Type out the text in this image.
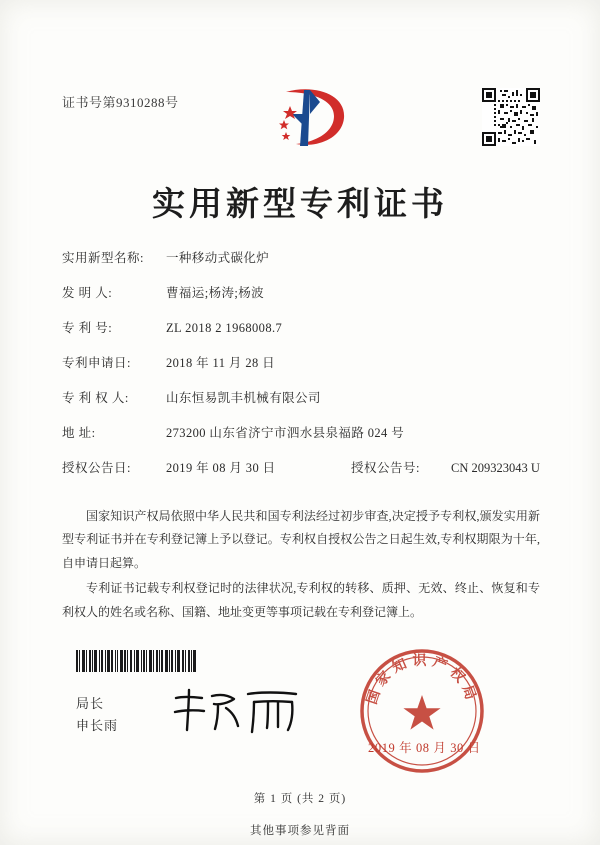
证书号第9310288号
实用新型专利证书
实用新型名称:	一种移动式碳化炉
发 明 人:	曹福运;杨涛;杨波
专 利 号:	ZL 2018 2 1968008.7
专利申请日:	2018 年 11 月 28 日
专 利 权 人:	山东恒易凯丰机械有限公司
地 址:	273200 山东省济宁市泗水县泉福路 024 号
授权公告日:	2019 年 08 月 30 日	授权公告号:	CN 209323043 U

国家知识产权局依照中华人民共和国专利法经过初步审查,决定授予专利权,颁发实用新型专利证书并在专利登记簿上予以登记。专利权自授权公告之日起生效,专利权期限为十年,自申请日起算。

专利证书记载专利权登记时的法律状况,专利权的转移、质押、无效、终止、恢复和专利权人的姓名或名称、国籍、地址变更等事项记载在专利登记簿上。

局长
申长雨
国家知识产权局
2019 年 08 月 30 日
第 1 页 (共 2 页)
其他事项参见背面
